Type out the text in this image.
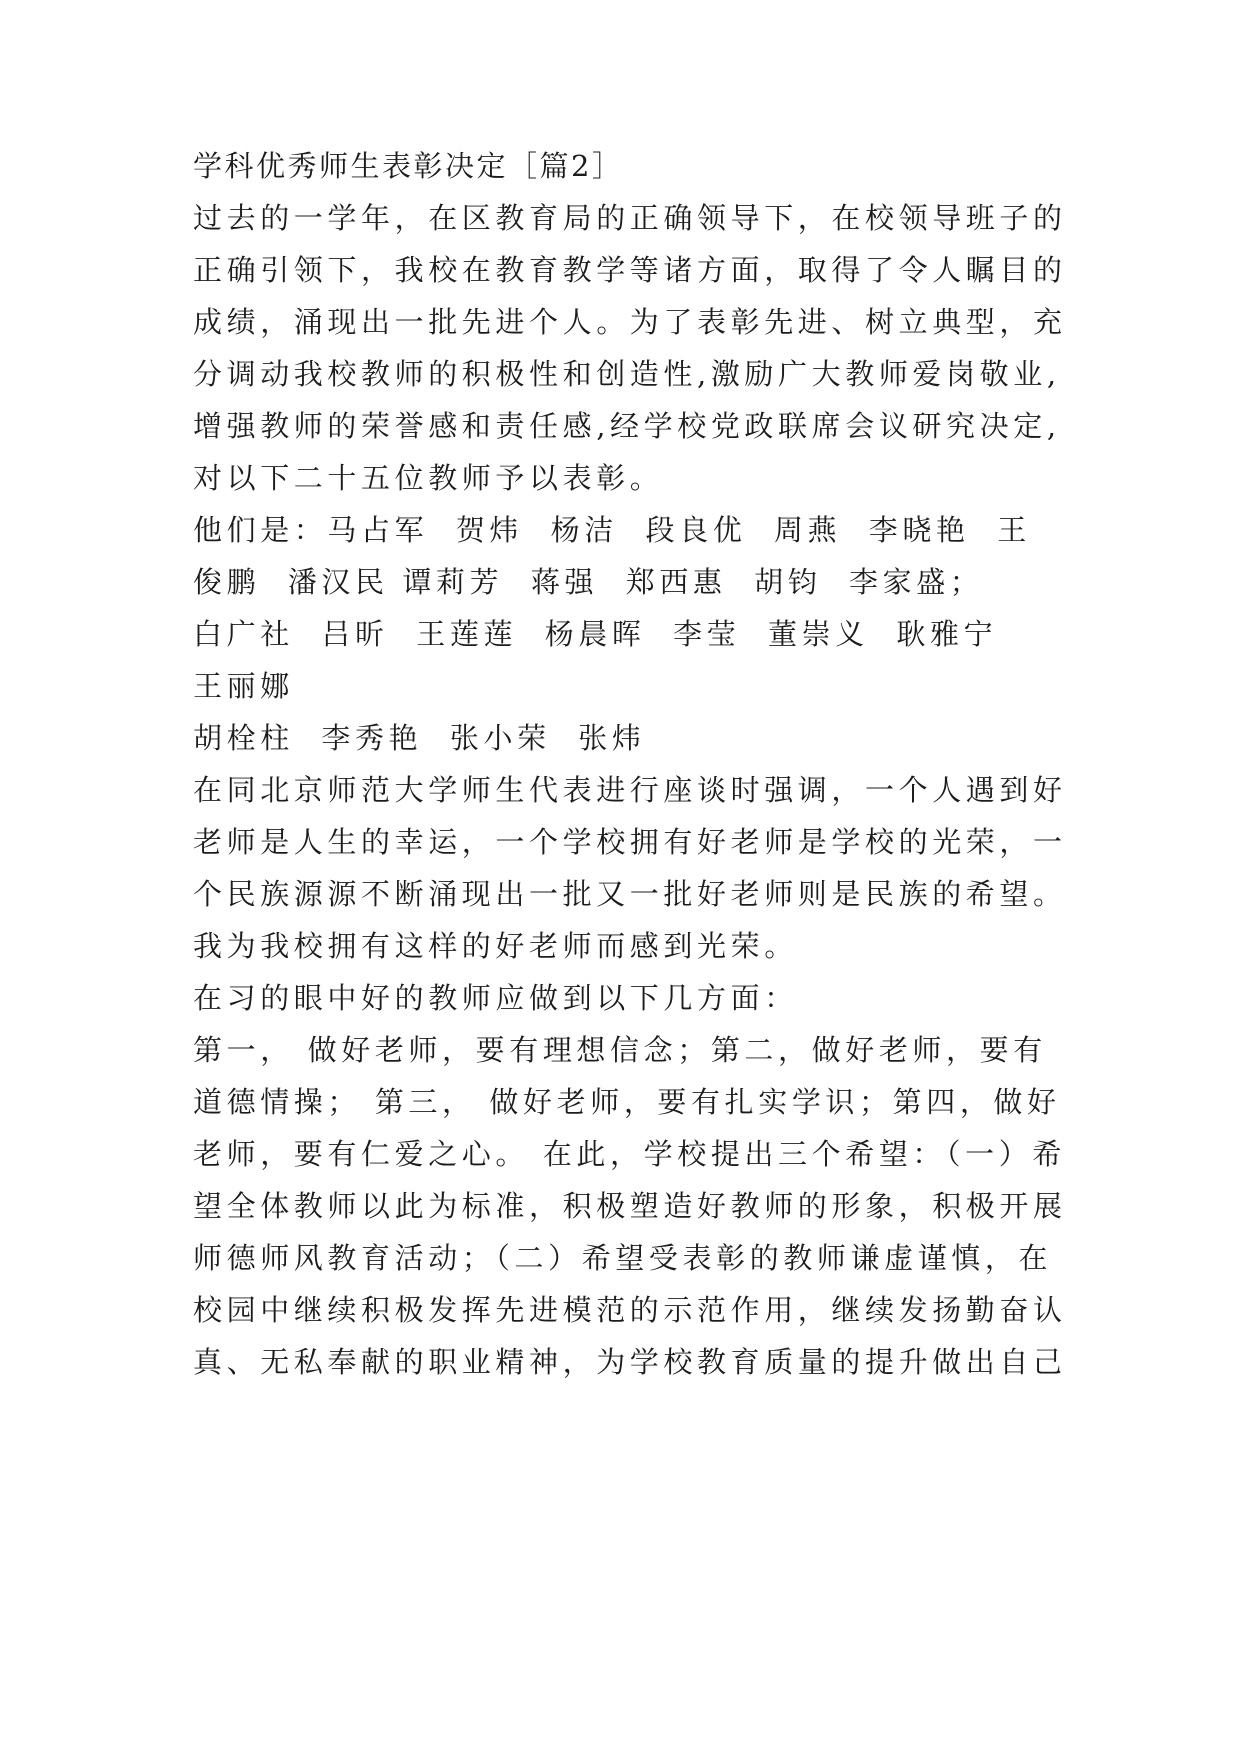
学科优秀师生表彰决定［篇2］
过去的一学年，在区教育局的正确领导下，在校领导班子的
正确引领下，我校在教育教学等诸方面，取得了令人瞩目的
成绩，涌现出一批先进个人。为了表彰先进、树立典型，充
分调动我校教师的积极性和创造性,激励广大教师爱岗敬业,
增强教师的荣誉感和责任感,经学校党政联席会议研究决定,
对以下二十五位教师予以表彰。
他们是：马占军  贺炜  杨洁  段良优  周燕  李晓艳  王
俊鹏  潘汉民 谭莉芳  蒋强  郑西惠  胡钧  李家盛；
白广社  吕昕  王莲莲  杨晨晖  李莹  董崇义  耿雅宁
王丽娜
胡栓柱  李秀艳  张小荣  张炜
在同北京师范大学师生代表进行座谈时强调，一个人遇到好
老师是人生的幸运，一个学校拥有好老师是学校的光荣，一
个民族源源不断涌现出一批又一批好老师则是民族的希望。
我为我校拥有这样的好老师而感到光荣。
在习的眼中好的教师应做到以下几方面：
第一， 做好老师，要有理想信念；第二，做好老师，要有
道德情操； 第三， 做好老师，要有扎实学识；第四，做好
老师，要有仁爱之心。 在此，学校提出三个希望：（一）希
望全体教师以此为标准，积极塑造好教师的形象，积极开展
师德师风教育活动；（二）希望受表彰的教师谦虚谨慎，在
校园中继续积极发挥先进模范的示范作用，继续发扬勤奋认
真、无私奉献的职业精神，为学校教育质量的提升做出自己
